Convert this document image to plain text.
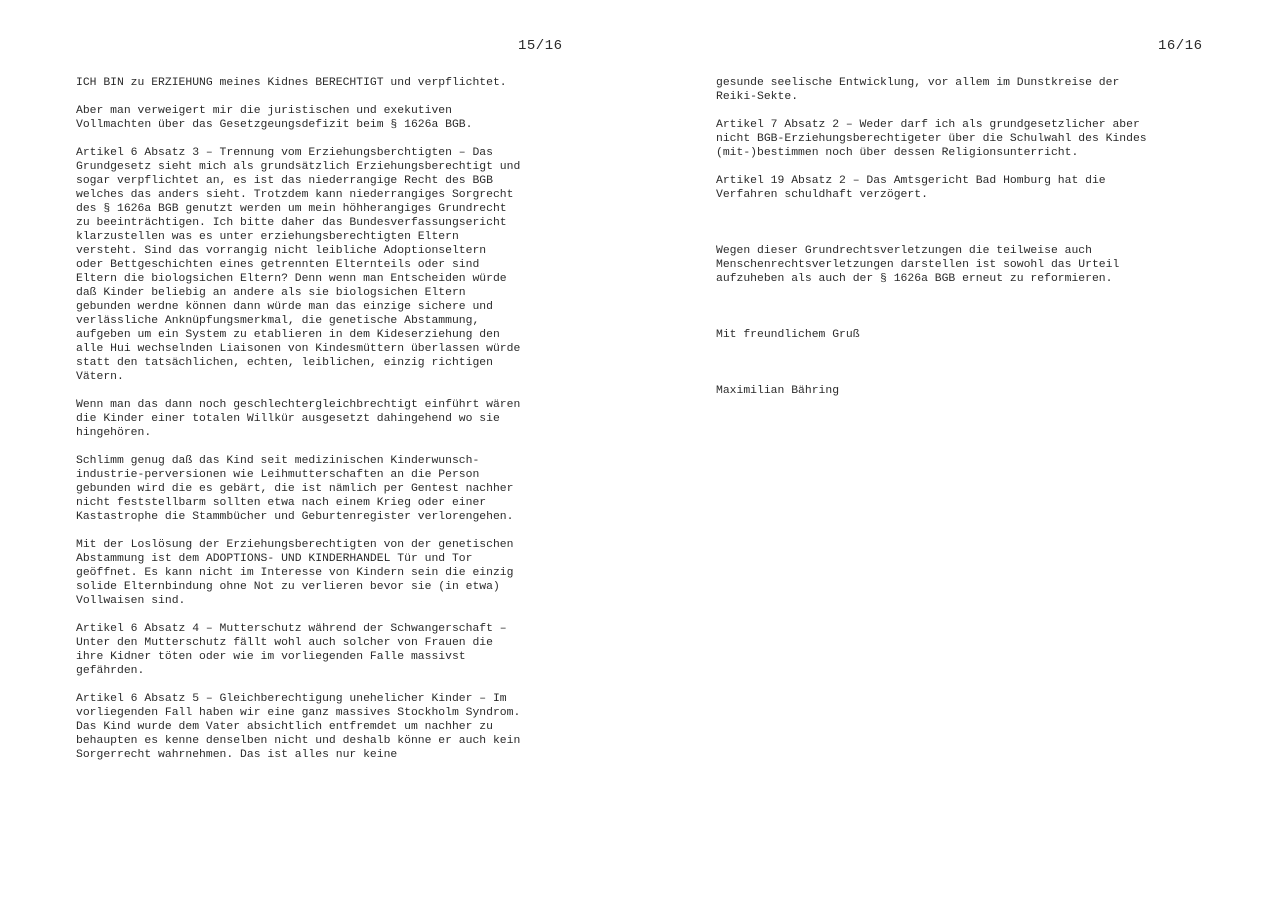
15/16

ICH BIN zu ERZIEHUNG meines Kidnes BERECHTIGT und verpflichtet.

Aber man verweigert mir die juristischen und exekutiven
Vollmachten über das Gesetzgeungsdefizit beim § 1626a BGB.

Artikel 6 Absatz 3 – Trennung vom Erziehungsberchtigten – Das
Grundgesetz sieht mich als grundsätzlich Erziehungsberechtigt und
sogar verpflichtet an, es ist das niederrangige Recht des BGB
welches das anders sieht. Trotzdem kann niederrangiges Sorgrecht
des § 1626a BGB genutzt werden um mein höhherangiges Grundrecht
zu beeinträchtigen. Ich bitte daher das Bundesverfassungsericht
klarzustellen was es unter erziehungsberechtigten Eltern
versteht. Sind das vorrangig nicht leibliche Adoptionseltern
oder Bettgeschichten eines getrennten Elternteils oder sind
Eltern die biologsichen Eltern? Denn wenn man Entscheiden würde
daß Kinder beliebig an andere als sie biologsichen Eltern
gebunden werdne können dann würde man das einzige sichere und
verlässliche Anknüpfungsmerkmal, die genetische Abstammung,
aufgeben um ein System zu etablieren in dem Kideserziehung den
alle Hui wechselnden Liaisonen von Kindesmüttern überlassen würde
statt den tatsächlichen, echten, leiblichen, einzig richtigen
Vätern.

Wenn man das dann noch geschlechtergleichbrechtigt einführt wären
die Kinder einer totalen Willkür ausgesetzt dahingehend wo sie
hingehören.

Schlimm genug daß das Kind seit medizinischen Kinderwunsch-
industrie-perversionen wie Leihmutterschaften an die Person
gebunden wird die es gebärt, die ist nämlich per Gentest nachher
nicht feststellbarm sollten etwa nach einem Krieg oder einer
Kastastrophe die Stammbücher und Geburtenregister verlorengehen.

Mit der Loslösung der Erziehungsberechtigten von der genetischen
Abstammung ist dem ADOPTIONS- UND KINDERHANDEL Tür und Tor
geöffnet. Es kann nicht im Interesse von Kindern sein die einzig
solide Elternbindung ohne Not zu verlieren bevor sie (in etwa)
Vollwaisen sind.

Artikel 6 Absatz 4 – Mutterschutz während der Schwangerschaft –
Unter den Mutterschutz fällt wohl auch solcher von Frauen die
ihre Kidner töten oder wie im vorliegenden Falle massivst
gefährden.

Artikel 6 Absatz 5 – Gleichberechtigung unehelicher Kinder – Im
vorliegenden Fall haben wir eine ganz massives Stockholm Syndrom.
Das Kind wurde dem Vater absichtlich entfremdet um nachher zu
behaupten es kenne denselben nicht und deshalb könne er auch kein
Sorgerrecht wahrnehmen. Das ist alles nur keine

16/16

gesunde seelische Entwicklung, vor allem im Dunstkreise der
Reiki-Sekte.

Artikel 7 Absatz 2 – Weder darf ich als grundgesetzlicher aber
nicht BGB-Erziehungsberechtigeter über die Schulwahl des Kindes
(mit-)bestimmen noch über dessen Religionsunterricht.

Artikel 19 Absatz 2 – Das Amtsgericht Bad Homburg hat die
Verfahren schuldhaft verzögert.

Wegen dieser Grundrechtsverletzungen die teilweise auch
Menschenrechtsverletzungen darstellen ist sowohl das Urteil
aufzuheben als auch der § 1626a BGB erneut zu reformieren.

Mit freundlichem Gruß

Maximilian Bähring
